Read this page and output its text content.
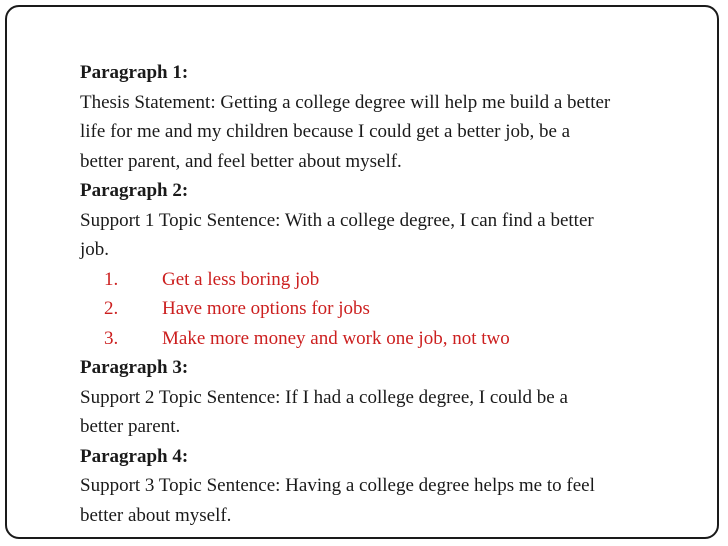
Paragraph 1:
Thesis Statement: Getting a college degree will help me build a better
life for me and my children because I could get a better job, be a
better parent, and feel better about myself.
Paragraph 2:
Support 1 Topic Sentence: With a college degree, I can find a better
job.
1. Get a less boring job
2. Have more options for jobs
3. Make more money and work one job, not two
Paragraph 3:
Support 2 Topic Sentence: If I had a college degree, I could be a
better parent.
Paragraph 4:
Support 3 Topic Sentence: Having a college degree helps me to feel
better about myself.
